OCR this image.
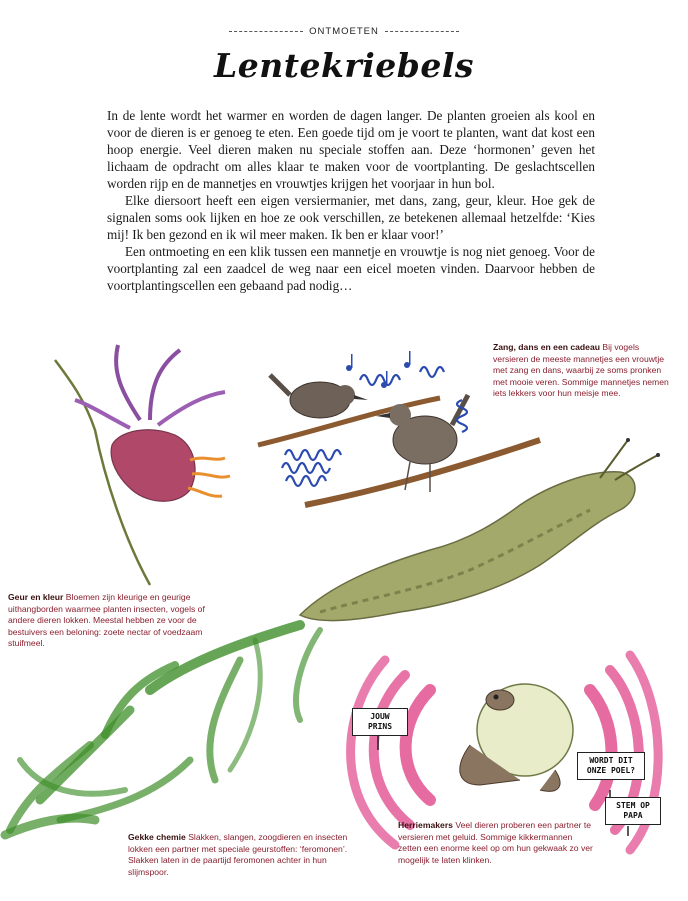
ONTMOETEN
Lentekriebels

In de lente wordt het warmer en worden de dagen langer. De planten groeien als kool en voor de dieren is er genoeg te eten. Een goede tijd om je voort te planten, want dat kost een hoop energie. Veel dieren maken nu speciale stoffen aan. Deze ‘hormonen’ geven het lichaam de opdracht om alles klaar te maken voor de voortplanting. De geslachtscellen worden rijp en de mannetjes en vrouwtjes krijgen het voorjaar in hun bol.

Elke diersoort heeft een eigen versiermanier, met dans, zang, geur, kleur. Hoe gek de signalen soms ook lijken en hoe ze ook verschillen, ze betekenen allemaal hetzelfde: ‘Kies mij! Ik ben gezond en ik wil meer maken. Ik ben er klaar voor!’

Een ontmoeting en een klik tussen een mannetje en vrouwtje is nog niet genoeg. Voor de voortplanting zal een zaadcel de weg naar een eicel moeten vinden. Daarvoor hebben de voortplantingscellen een gebaand pad nodig…

Zang, dans en een cadeau Bij vogels versieren de meeste mannetjes een vrouwtje met zang en dans, waarbij ze soms pronken met mooie veren. Sommige mannetjes nemen iets lekkers voor hun meisje mee.
Geur en kleur Bloemen zijn kleurige en geurige uithangborden waarmee planten insecten, vogels of andere dieren lokken. Meestal hebben ze voor de bestuivers een beloning: zoete nectar of voedzaam stuifmeel.
Gekke chemie Slakken, slangen, zoogdieren en insecten lokken een partner met speciale geurstoffen: ‘feromonen’. Slakken laten in de paartijd feromonen achter in hun slijmspoor.
Herriemakers Veel dieren proberen een partner te versieren met geluid. Sommige kikkermannen zetten een enorme keel op om hun gekwaak zo ver mogelijk te laten klinken.
JOUW PRINS
WORDT DIT ONZE POEL?
STEM OP PAPA
